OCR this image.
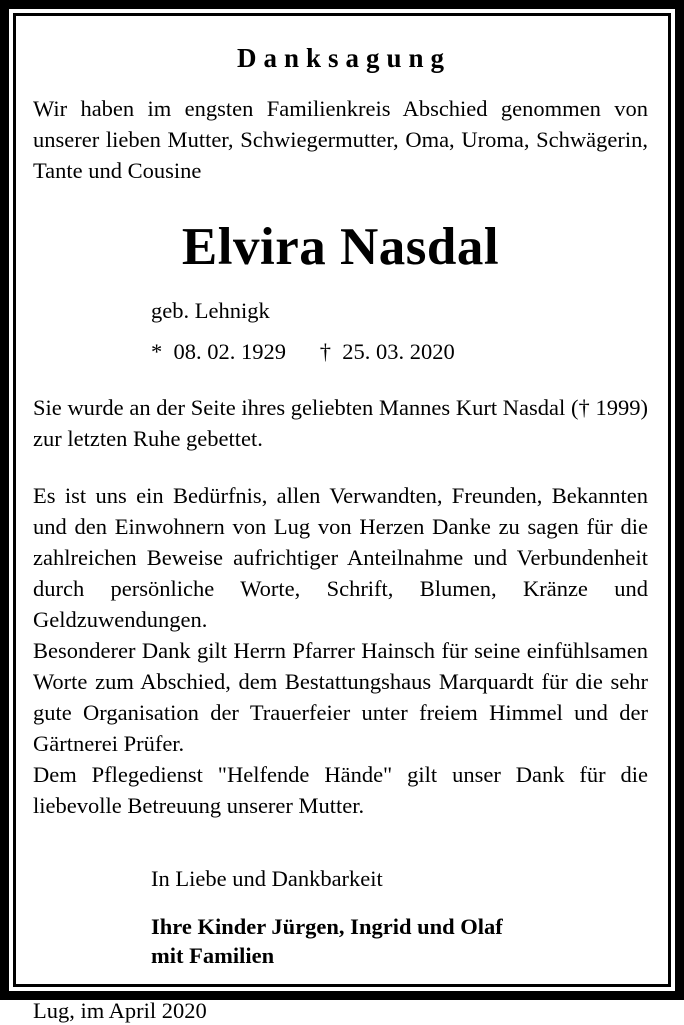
Danksagung

Wir haben im engsten Familienkreis Abschied genommen von unserer lieben Mutter, Schwiegermutter, Oma, Uroma, Schwägerin, Tante und Cousine

Elvira Nasdal
geb. Lehnigk
*  08. 02. 1929      †  25. 03. 2020

Sie wurde an der Seite ihres geliebten Mannes Kurt Nasdal († 1999) zur letzten Ruhe gebettet.

Es ist uns ein Bedürfnis, allen Verwandten, Freunden, Bekannten und den Einwohnern von Lug von Herzen Danke zu sagen für die zahlreichen Beweise aufrichtiger Anteilnahme und Verbundenheit durch persönliche Worte, Schrift, Blumen, Kränze und Geldzuwendungen.

Besonderer Dank gilt Herrn Pfarrer Hainsch für seine einfühlsamen Worte zum Abschied, dem Bestattungshaus Marquardt für die sehr gute Organisation der Trauerfeier unter freiem Himmel und der Gärtnerei Prüfer.

Dem Pflegedienst "Helfende Hände" gilt unser Dank für die liebevolle Betreuung unserer Mutter.

In Liebe und Dankbarkeit
Ihre Kinder Jürgen, Ingrid und Olaf
mit Familien
Lug, im April 2020
